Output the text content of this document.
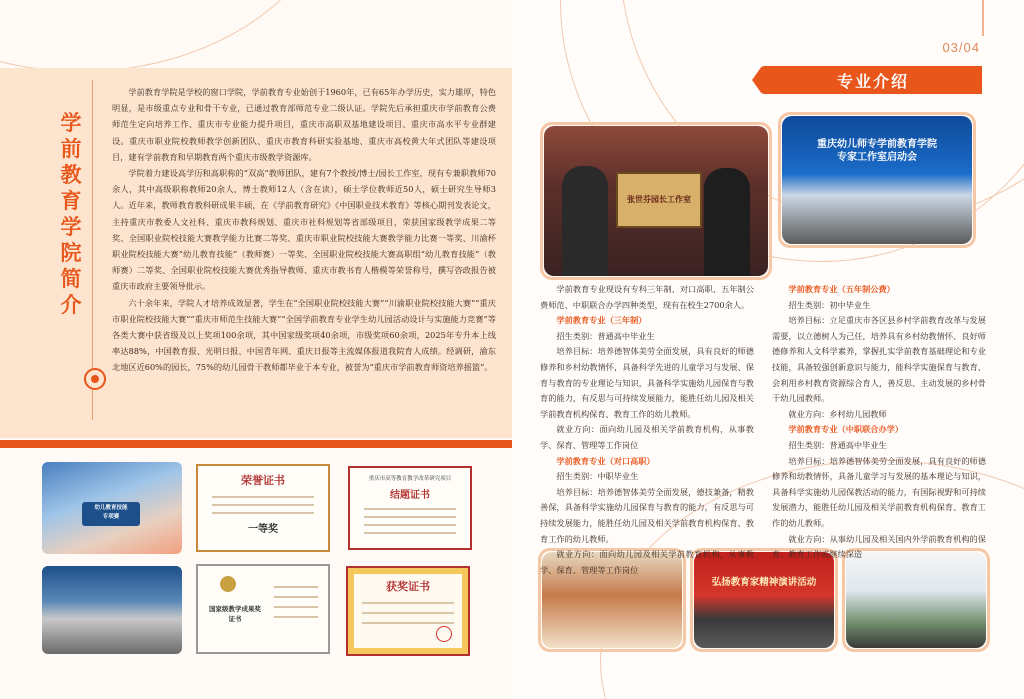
03/04
专业介绍
学前教育学院简介

学前教育学院是学校的窗口学院，学前教育专业始创于1960年，已有65年办学历史，实力雄厚，特色明显，是市级重点专业和骨干专业，已通过教育部师范专业二级认证。学院先后承担重庆市学前教育公费师范生定向培养工作、重庆市专业能力提升项目，重庆市高职双基地建设项目、重庆市高水平专业群建设。重庆市职业院校教师教学创新团队、重庆市教育科研实验基地、重庆市高校黄大年式团队等建设项目，建有学前教育和早期教育两个重庆市级教学资源库。

学院着力建设高学历和高职称的“双高”教师团队，建有7个教授/博士/园长工作室，现有专兼职教师70余人，其中高级职称教师20余人，博士教师12人（含在读），硕士学位教师近50人，硕士研究生导师3人。近年来，教师教育教科研成果丰硕，在《学前教育研究》《中国职业技术教育》等核心期刊发表论文，主持重庆市教委人文社科、重庆市教科规划、重庆市社科规划等省部级项目，荣获国家级教学成果二等奖、全国职业院校技能大赛教学能力比赛二等奖、重庆市职业院校技能大赛教学能力比赛一等奖、川渝杯职业院校技能大赛“幼儿教育技能”（教师赛）一等奖、全国职业院校技能大赛高职组“幼儿教育技能”（教师赛）二等奖、全国职业院校技能大赛优秀指导教师、重庆市教书育人楷模等荣誉称号，撰写咨政报告被重庆市政府主要领导批示。

六十余年来，学院人才培养成效显著，学生在“全国职业院校技能大赛”“川渝职业院校技能大赛”“重庆市职业院校技能大赛”“重庆市师范生技能大赛”“全国学前教育专业学生幼儿园活动设计与实施能力竞赛”等各类大赛中获省级及以上奖项100余项，其中国家级奖项40余项，市级奖项60余项，2025年专升本上线率达88%，中国教育报、光明日报、中国青年网、重庆日报等主流媒体报道我院育人成绩。经调研，渝东北地区近60%的园长，75%的幼儿园骨干教师都毕业于本专业，被誉为“重庆市学前教育师资培养摇篮”。

幼儿教育技能
专项赛
荣誉证书
一等奖
重庆市高等教育教学改革研究项目
结题证书
国家级教学成果奖
证书
获奖证书
张世芬园长工作室
重庆幼儿师专学前教育学院
专家工作室启动会
弘扬教育家精神演讲活动

学前教育专业现设有专科三年制、对口高职、五年制公费师范、中职联合办学四种类型，现有在校生2700余人。

学前教育专业（三年制）

招生类别：普通高中毕业生

培养目标：培养德智体美劳全面发展，具有良好的师德修养和乡村幼教情怀，具备科学先进的儿童学习与发展、保育与教育的专业理论与知识，具备科学实施幼儿园保育与教育的能力，有反思与可持续发展能力，能胜任幼儿园及相关学前教育机构保育、教育工作的幼儿教师。

就业方向：面向幼儿园及相关学前教育机构，从事教学、保育、管理等工作岗位

学前教育专业（对口高职）

招生类别：中职毕业生

培养目标：培养德智体美劳全面发展，德技兼备，精教善保，具备科学实施幼儿园保育与教育的能力，有反思与可持续发展能力，能胜任幼儿园及相关学前教育机构保育、教育工作的幼儿教师。

就业方向：面向幼儿园及相关学前教育机构，从事教学、保育、管理等工作岗位

学前教育专业（五年制公费）

招生类别：初中毕业生

培养目标：立足重庆市各区县乡村学前教育改革与发展需要，以立德树人为己任，培养具有乡村幼教情怀、良好师德修养和人文科学素养，掌握扎实学前教育基础理论和专业技能，具备较强创新意识与能力，能科学实施保育与教育、会利用乡村教育资源综合育人，善反思、主动发展的乡村骨干幼儿园教师。

就业方向：乡村幼儿园教师

学前教育专业（中职联合办学）

招生类别：普通高中毕业生

培养目标：培养德智体美劳全面发展，具有良好的师德修养和幼教情怀，具备儿童学习与发展的基本理论与知识，具备科学实施幼儿园保教活动的能力，有国际视野和可持续发展潜力，能胜任幼儿园及相关学前教育机构保育、教育工作的幼儿教师。

就业方向：从事幼儿园及相关国内外学前教育机构的保育、教育工作或继续深造
